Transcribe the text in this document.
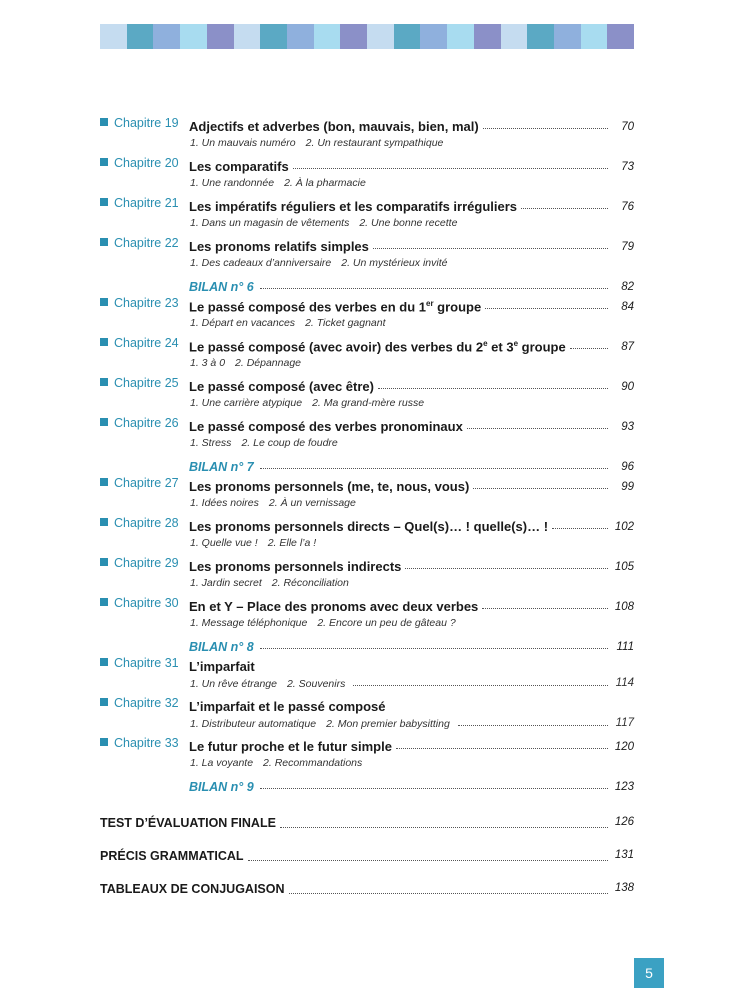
Chapitre 19 Adjectifs et adverbes (bon, mauvais, bien, mal)	70
1. Un mauvais numéro 2. Un restaurant sympathique
Chapitre 20 Les comparatifs	73
1. Une randonnée 2. À la pharmacie
Chapitre 21 Les impératifs réguliers et les comparatifs irréguliers	76
1. Dans un magasin de vêtements 2. Une bonne recette
Chapitre 22 Les pronoms relatifs simples	79
1. Des cadeaux d’anniversaire 2. Un mystérieux invité
BILAN n° 6	82
Chapitre 23 Le passé composé des verbes en du 1er groupe	84
1. Départ en vacances 2. Ticket gagnant
Chapitre 24 Le passé composé (avec avoir) des verbes du 2e et 3e groupe	87
1. 3 à 0 2. Dépannage
Chapitre 25 Le passé composé (avec être)	90
1. Une carrière atypique 2. Ma grand-mère russe
Chapitre 26 Le passé composé des verbes pronominaux	93
1. Stress 2. Le coup de foudre
BILAN n° 7	96
Chapitre 27 Les pronoms personnels (me, te, nous, vous)	99
1. Idées noires 2. À un vernissage
Chapitre 28 Les pronoms personnels directs – Quel(s)… ! quelle(s)… !	102
1. Quelle vue ! 2. Elle l’a !
Chapitre 29 Les pronoms personnels indirects	105
1. Jardin secret 2. Réconciliation
Chapitre 30 En et Y – Place des pronoms avec deux verbes	108
1. Message téléphonique 2. Encore un peu de gâteau ?
BILAN n° 8	111
Chapitre 31 L’imparfait
1. Un rêve étrange 2. Souvenirs	114
Chapitre 32 L’imparfait et le passé composé
1. Distributeur automatique 2. Mon premier babysitting	117
Chapitre 33 Le futur proche et le futur simple	120
1. La voyante 2. Recommandations
BILAN n° 9	123
TEST D’ÉVALUATION FINALE	126
PRÉCIS GRAMMATICAL	131
TABLEAUX DE CONJUGAISON	138
5
